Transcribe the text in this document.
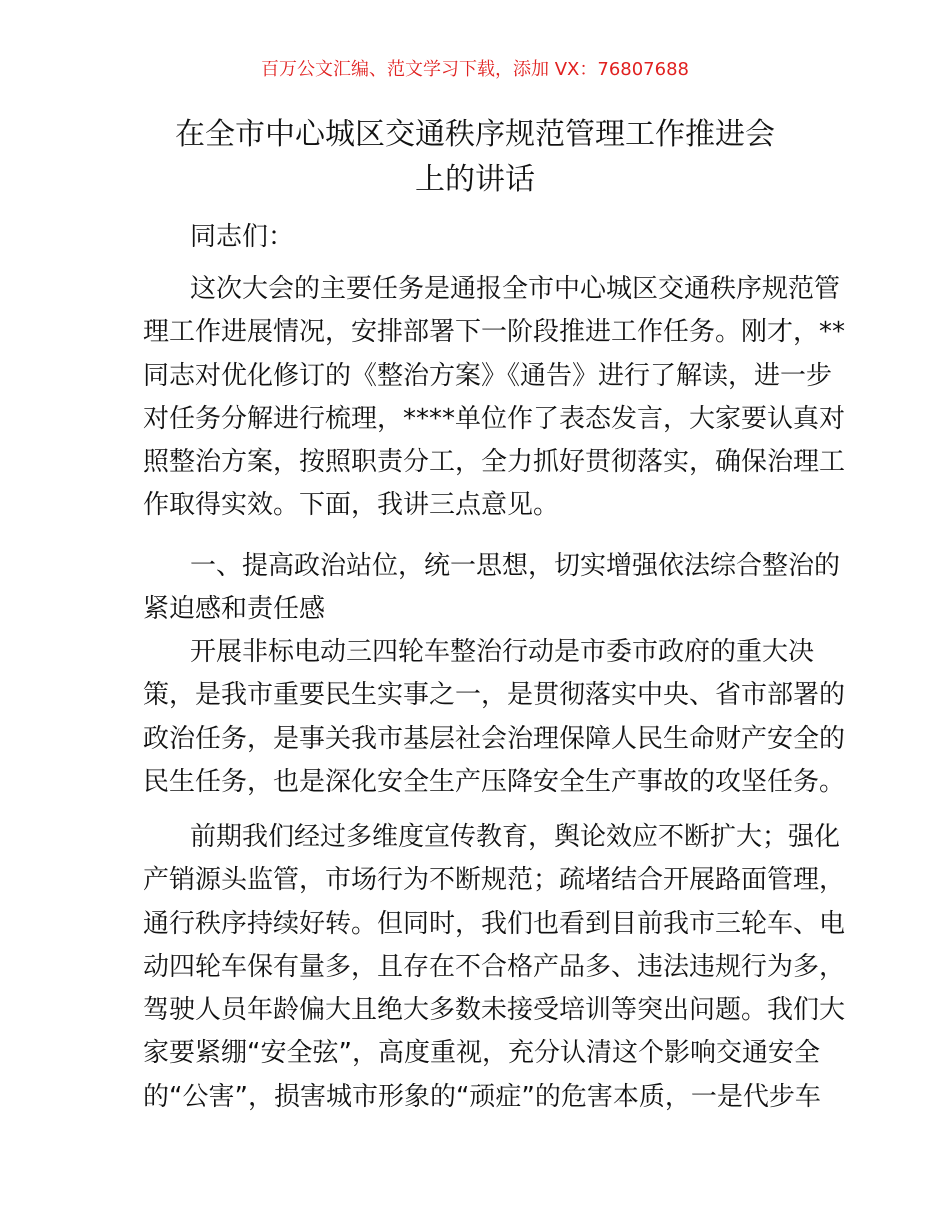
百万公文汇编、范文学习下载，添加 VX：76807688
在全市中心城区交通秩序规范管理工作推进会
上的讲话
同志们：
这次大会的主要任务是通报全市中心城区交通秩序规范管
理工作进展情况，安排部署下一阶段推进工作任务。刚才，**
同志对优化修订的《整治方案》《通告》进行了解读，进一步
对任务分解进行梳理，****单位作了表态发言，大家要认真对
照整治方案，按照职责分工，全力抓好贯彻落实，确保治理工
作取得实效。下面，我讲三点意见。
一、提高政治站位，统一思想，切实增强依法综合整治的
紧迫感和责任感
开展非标电动三四轮车整治行动是市委市政府的重大决
策，是我市重要民生实事之一，是贯彻落实中央、省市部署的
政治任务，是事关我市基层社会治理保障人民生命财产安全的
民生任务，也是深化安全生产压降安全生产事故的攻坚任务。
前期我们经过多维度宣传教育，舆论效应不断扩大；强化
产销源头监管，市场行为不断规范；疏堵结合开展路面管理，
通行秩序持续好转。但同时，我们也看到目前我市三轮车、电
动四轮车保有量多，且存在不合格产品多、违法违规行为多，
驾驶人员年龄偏大且绝大多数未接受培训等突出问题。我们大
家要紧绷“安全弦”，高度重视，充分认清这个影响交通安全
的“公害”，损害城市形象的“顽症”的危害本质，一是代步车
